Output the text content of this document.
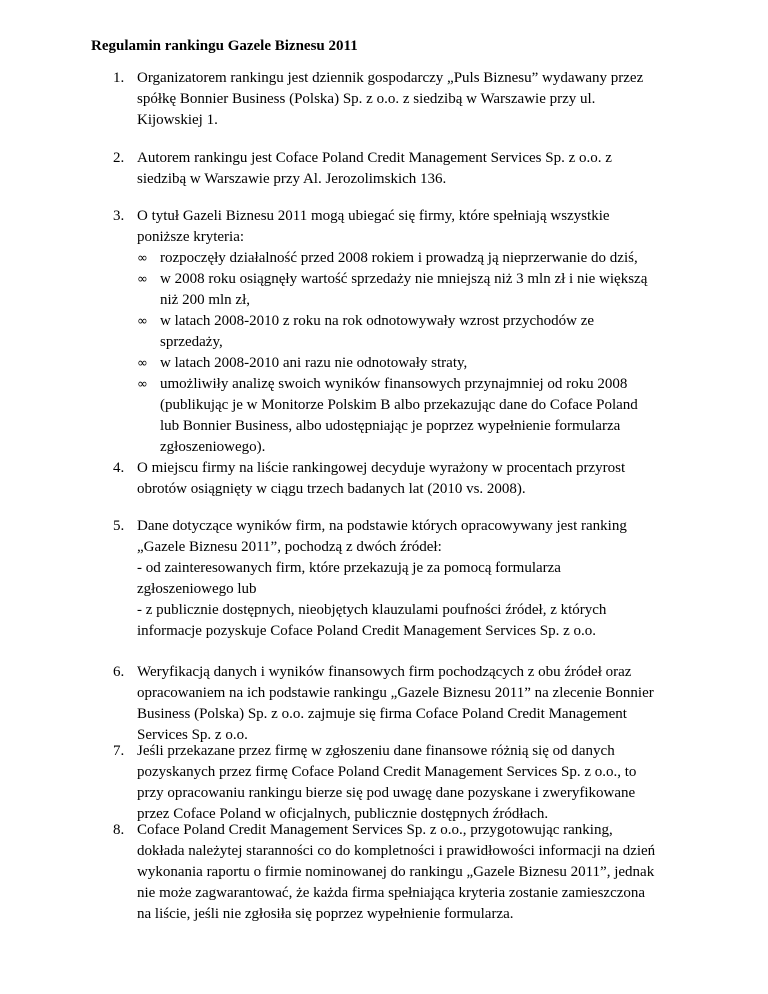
Regulamin rankingu Gazele Biznesu 2011
1. Organizatorem rankingu jest dziennik gospodarczy „Puls Biznesu” wydawany przez
spółkę Bonnier Business (Polska) Sp. z o.o. z siedzibą w Warszawie przy ul.
Kijowskiej 1.
2. Autorem rankingu jest Coface Poland Credit Management Services Sp. z o.o. z
siedzibą w Warszawie przy Al. Jerozolimskich 136.
3. O tytuł Gazeli Biznesu 2011 mogą ubiegać się firmy, które spełniają wszystkie
poniższe kryteria:
∞ rozpoczęły działalność przed 2008 rokiem i prowadzą ją nieprzerwanie do dziś,
∞ w 2008 roku osiągnęły wartość sprzedaży nie mniejszą niż 3 mln zł i nie większą
niż 200 mln zł,
∞ w latach 2008-2010 z roku na rok odnotowywały wzrost przychodów ze
sprzedaży,
∞ w latach 2008-2010 ani razu nie odnotowały straty,
∞ umożliwiły analizę swoich wyników finansowych przynajmniej od roku 2008
(publikując je w Monitorze Polskim B albo przekazując dane do Coface Poland
lub Bonnier Business, albo udostępniając je poprzez wypełnienie formularza
zgłoszeniowego).
4. O miejscu firmy na liście rankingowej decyduje wyrażony w procentach przyrost
obrotów osiągnięty w ciągu trzech badanych lat (2010 vs. 2008).
5. Dane dotyczące wyników firm, na podstawie których opracowywany jest ranking
„Gazele Biznesu 2011”, pochodzą z dwóch źródeł:
- od zainteresowanych firm, które przekazują je za pomocą formularza
zgłoszeniowego lub
- z publicznie dostępnych, nieobjętych klauzulami poufności źródeł, z których
informacje pozyskuje Coface Poland Credit Management Services Sp. z o.o.
6. Weryfikacją danych i wyników finansowych firm pochodzących z obu źródeł oraz
opracowaniem na ich podstawie rankingu „Gazele Biznesu 2011” na zlecenie Bonnier
Business (Polska) Sp. z o.o. zajmuje się firma Coface Poland Credit Management
Services Sp. z o.o.
7. Jeśli przekazane przez firmę w zgłoszeniu dane finansowe różnią się od danych
pozyskanych przez firmę Coface Poland Credit Management Services Sp. z o.o., to
przy opracowaniu rankingu bierze się pod uwagę dane pozyskane i zweryfikowane
przez Coface Poland w oficjalnych, publicznie dostępnych źródłach.
8. Coface Poland Credit Management Services Sp. z o.o., przygotowując ranking,
dokłada należytej staranności co do kompletności i prawidłowości informacji na dzień
wykonania raportu o firmie nominowanej do rankingu „Gazele Biznesu 2011”, jednak
nie może zagwarantować, że każda firma spełniająca kryteria zostanie zamieszczona
na liście, jeśli nie zgłosiła się poprzez wypełnienie formularza.
